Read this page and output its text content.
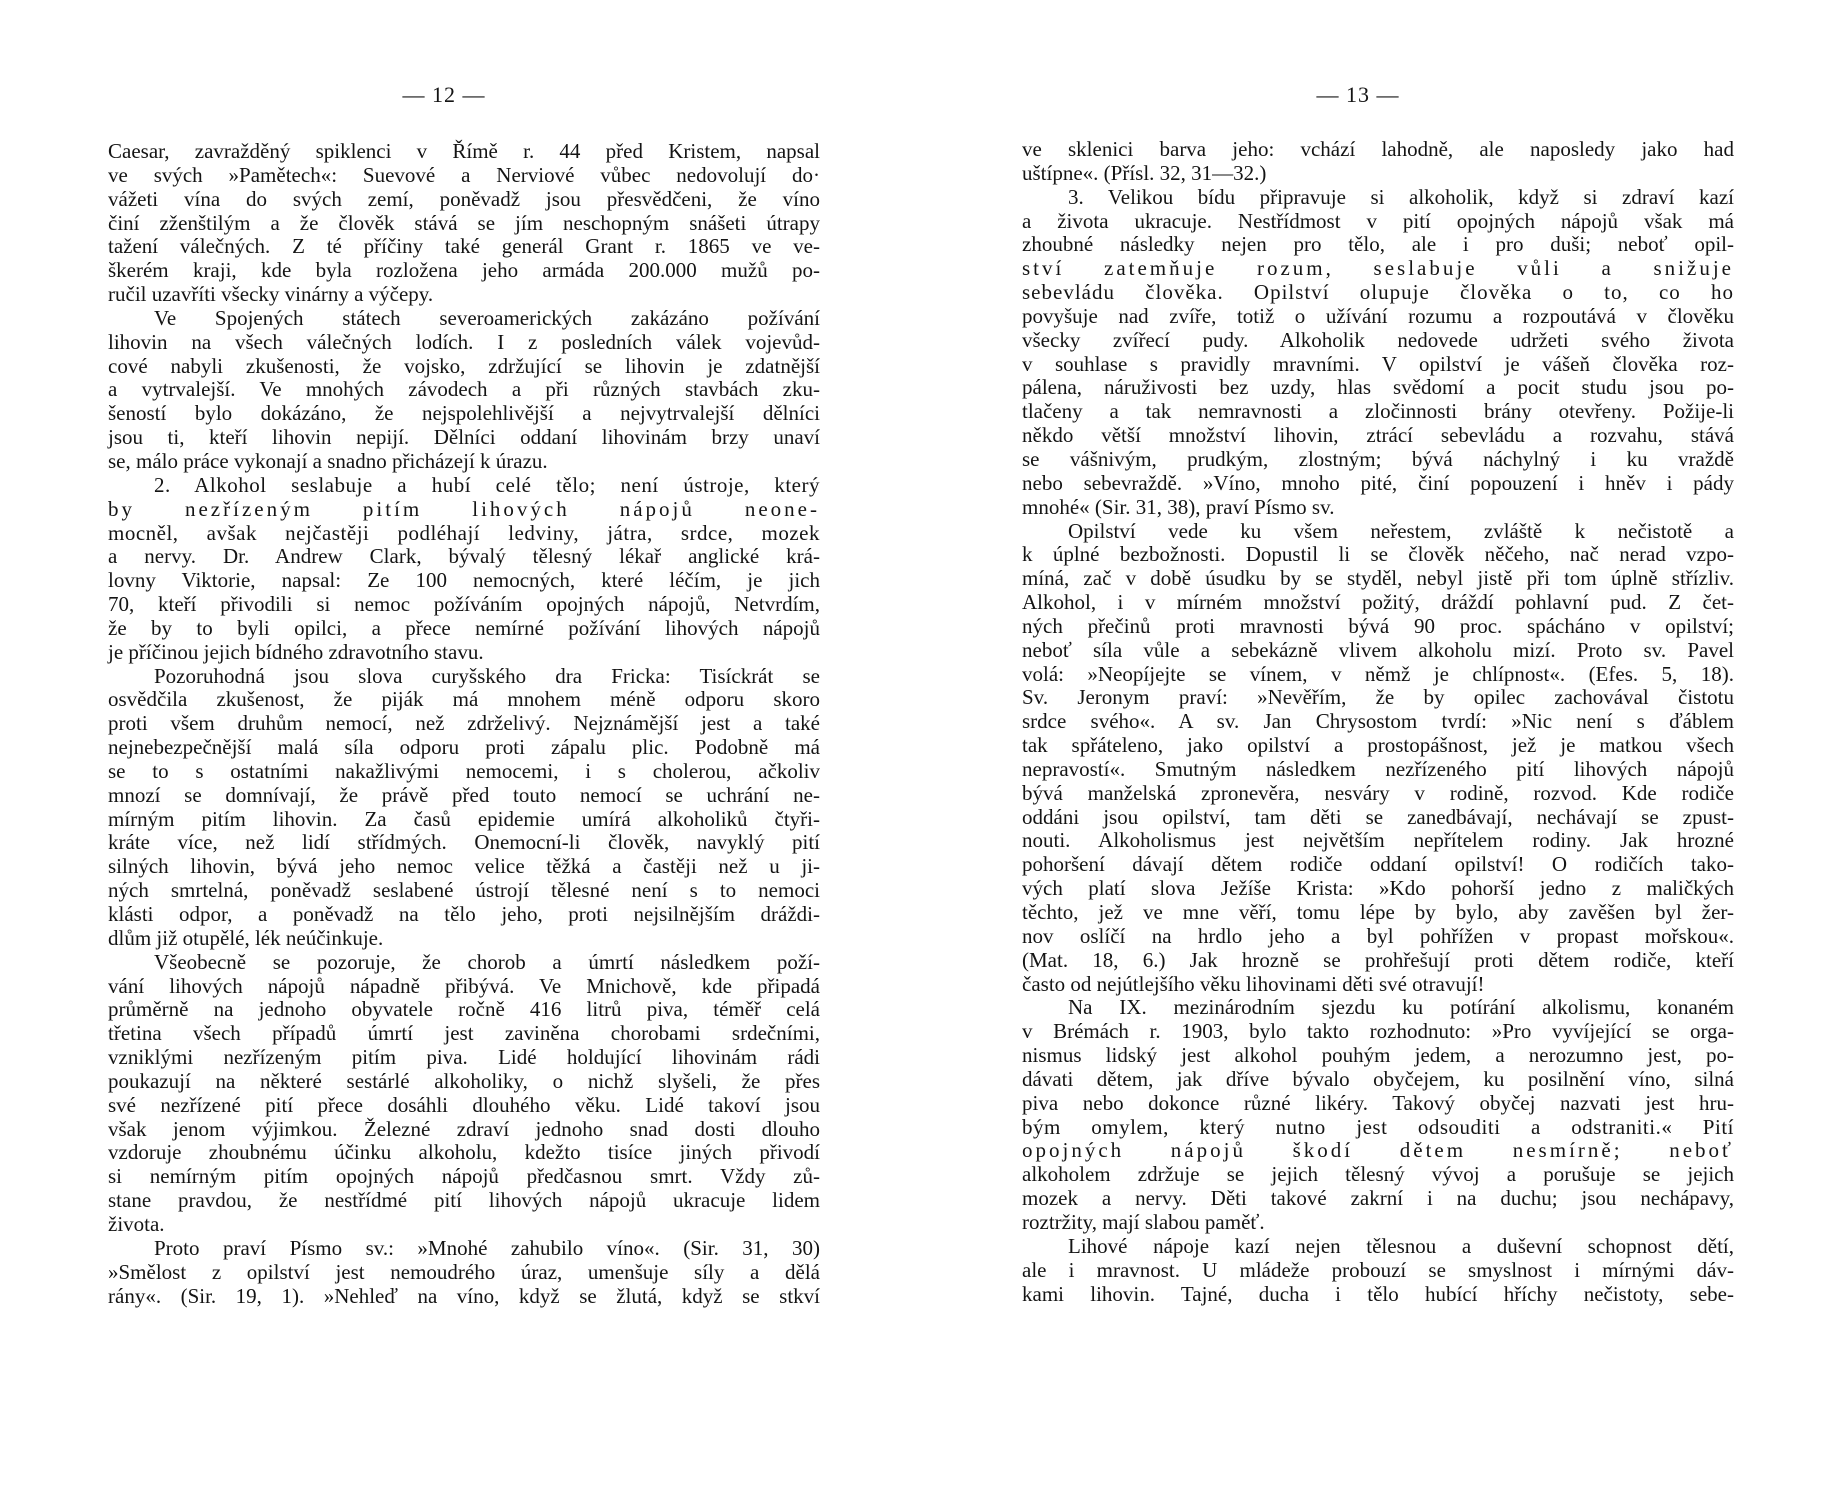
— 12 —
Caesar, zavražděný spiklenci v Římě r. 44 před Kristem, napsal
ve svých »Pamětech«: Suevové a Nerviové vůbec nedovolují do·
vážeti vína do svých zemí, poněvadž jsou přesvědčeni, že víno
činí zženštilým a že člověk stává se jím neschopným snášeti útrapy
tažení válečných. Z té příčiny také generál Grant r. 1865 ve ve-
škerém kraji, kde byla rozložena jeho armáda 200.000 mužů po-
ručil uzavříti všecky vinárny a výčepy.
Ve Spojených státech severoamerických zakázáno požívání
lihovin na všech válečných lodích. I z posledních válek vojevůd-
cové nabyli zkušenosti, že vojsko, zdržující se lihovin je zdatnější
a vytrvalejší. Ve mnohých závodech a při různých stavbách zku-
šeností bylo dokázáno, že nejspolehlivější a nejvytrvalejší dělníci
jsou ti, kteří lihovin nepijí. Dělníci oddaní lihovinám brzy unaví
se, málo práce vykonají a snadno přicházejí k úrazu.
2. Alkohol seslabuje a hubí celé tělo; není ústroje, který
by nezřízeným pitím lihových nápojů neone-
mocněl, avšak nejčastěji podléhají ledviny, játra, srdce, mozek
a nervy. Dr. Andrew Clark, bývalý tělesný lékař anglické krá-
lovny Viktorie, napsal: Ze 100 nemocných, které léčím, je jich
70, kteří přivodili si nemoc požíváním opojných nápojů, Netvrdím,
že by to byli opilci, a přece nemírné požívání lihových nápojů
je příčinou jejich bídného zdravotního stavu.
Pozoruhodná jsou slova curyšského dra Fricka: Tisíckrát se
osvědčila zkušenost, že piják má mnohem méně odporu skoro
proti všem druhům nemocí, než zdrželivý. Nejznámější jest a také
nejnebezpečnější malá síla odporu proti zápalu plic. Podobně má
se to s ostatními nakažlivými nemocemi, i s cholerou, ačkoliv
mnozí se domnívají, že právě před touto nemocí se uchrání ne-
mírným pitím lihovin. Za časů epidemie umírá alkoholiků čtyři-
kráte více, než lidí střídmých. Onemocní-li člověk, navyklý pití
silných lihovin, bývá jeho nemoc velice těžká a častěji než u ji-
ných smrtelná, poněvadž seslabené ústrojí tělesné není s to nemoci
klásti odpor, a poněvadž na tělo jeho, proti nejsilnějším dráždi-
dlům již otupělé, lék neúčinkuje.
Všeobecně se pozoruje, že chorob a úmrtí následkem poží-
vání lihových nápojů nápadně přibývá. Ve Mnichově, kde připadá
průměrně na jednoho obyvatele ročně 416 litrů piva, téměř celá
třetina všech případů úmrtí jest zaviněna chorobami srdečními,
vzniklými nezřízeným pitím piva. Lidé holdující lihovinám rádi
poukazují na některé sestárlé alkoholiky, o nichž slyšeli, že přes
své nezřízené pití přece dosáhli dlouhého věku. Lidé takoví jsou
však jenom výjimkou. Železné zdraví jednoho snad dosti dlouho
vzdoruje zhoubnému účinku alkoholu, kdežto tisíce jiných přivodí
si nemírným pitím opojných nápojů předčasnou smrt. Vždy zů-
stane pravdou, že nestřídmé pití lihových nápojů ukracuje lidem
života.
Proto praví Písmo sv.: »Mnohé zahubilo víno«. (Sir. 31, 30)
»Smělost z opilství jest nemoudrého úraz, umenšuje síly a dělá
rány«. (Sir. 19, 1). »Nehleď na víno, když se žlutá, když se stkví
— 13 —
ve sklenici barva jeho: vchází lahodně, ale naposledy jako had
uštípne«. (Přísl. 32, 31—32.)
3. Velikou bídu připravuje si alkoholik, když si zdraví kazí
a života ukracuje. Nestřídmost v pití opojných nápojů však má
zhoubné následky nejen pro tělo, ale i pro duši; neboť opil-
ství zatemňuje rozum, seslabuje vůli a snižuje
sebevládu člověka. Opilství olupuje člověka o to, co ho
povyšuje nad zvíře, totiž o užívání rozumu a rozpoutává v člověku
všecky zvířecí pudy. Alkoholik nedovede udržeti svého života
v souhlase s pravidly mravními. V opilství je vášeň člověka roz-
pálena, náruživosti bez uzdy, hlas svědomí a pocit studu jsou po-
tlačeny a tak nemravnosti a zločinnosti brány otevřeny. Požije-li
někdo větší množství lihovin, ztrácí sebevládu a rozvahu, stává
se vášnivým, prudkým, zlostným; bývá náchylný i ku vraždě
nebo sebevraždě. »Víno, mnoho pité, činí popouzení i hněv i pády
mnohé« (Sir. 31, 38), praví Písmo sv.
Opilství vede ku všem neřestem, zvláště k nečistotě a
k úplné bezbožnosti. Dopustil li se člověk něčeho, nač nerad vzpo-
míná, zač v době úsudku by se styděl, nebyl jistě při tom úplně střízliv.
Alkohol, i v mírném množství požitý, dráždí pohlavní pud. Z čet-
ných přečinů proti mravnosti bývá 90 proc. spácháno v opilství;
neboť síla vůle a sebekázně vlivem alkoholu mizí. Proto sv. Pavel
volá: »Neopíjejte se vínem, v němž je chlípnost«. (Efes. 5, 18).
Sv. Jeronym praví: »Nevěřím, že by opilec zachovával čistotu
srdce svého«. A sv. Jan Chrysostom tvrdí: »Nic není s ďáblem
tak spřáteleno, jako opilství a prostopášnost, jež je matkou všech
nepravostí«. Smutným následkem nezřízeného pití lihových nápojů
bývá manželská zpronevěra, nesváry v rodině, rozvod. Kde rodiče
oddáni jsou opilství, tam děti se zanedbávají, nechávají se zpust-
nouti. Alkoholismus jest největším nepřítelem rodiny. Jak hrozné
pohoršení dávají dětem rodiče oddaní opilství! O rodičích tako-
vých platí slova Ježíše Krista: »Kdo pohorší jedno z maličkých
těchto, jež ve mne věří, tomu lépe by bylo, aby zavěšen byl žer-
nov oslíčí na hrdlo jeho a byl pohřížen v propast mořskou«.
(Mat. 18, 6.) Jak hrozně se prohřešují proti dětem rodiče, kteří
často od nejútlejšího věku lihovinami děti své otravují!
Na IX. mezinárodním sjezdu ku potírání alkolismu, konaném
v Brémách r. 1903, bylo takto rozhodnuto: »Pro vyvíjející se orga-
nismus lidský jest alkohol pouhým jedem, a nerozumno jest, po-
dávati dětem, jak dříve bývalo obyčejem, ku posilnění víno, silná
piva nebo dokonce různé likéry. Takový obyčej nazvati jest hru-
bým omylem, který nutno jest odsouditi a odstraniti.« Pití
opojných nápojů škodí dětem nesmírně; neboť
alkoholem zdržuje se jejich tělesný vývoj a porušuje se jejich
mozek a nervy. Děti takové zakrní i na duchu; jsou nechápavy,
roztržity, mají slabou paměť.
Lihové nápoje kazí nejen tělesnou a duševní schopnost dětí,
ale i mravnost. U mládeže probouzí se smyslnost i mírnými dáv-
kami lihovin. Tajné, ducha i tělo hubící hříchy nečistoty, sebe-
